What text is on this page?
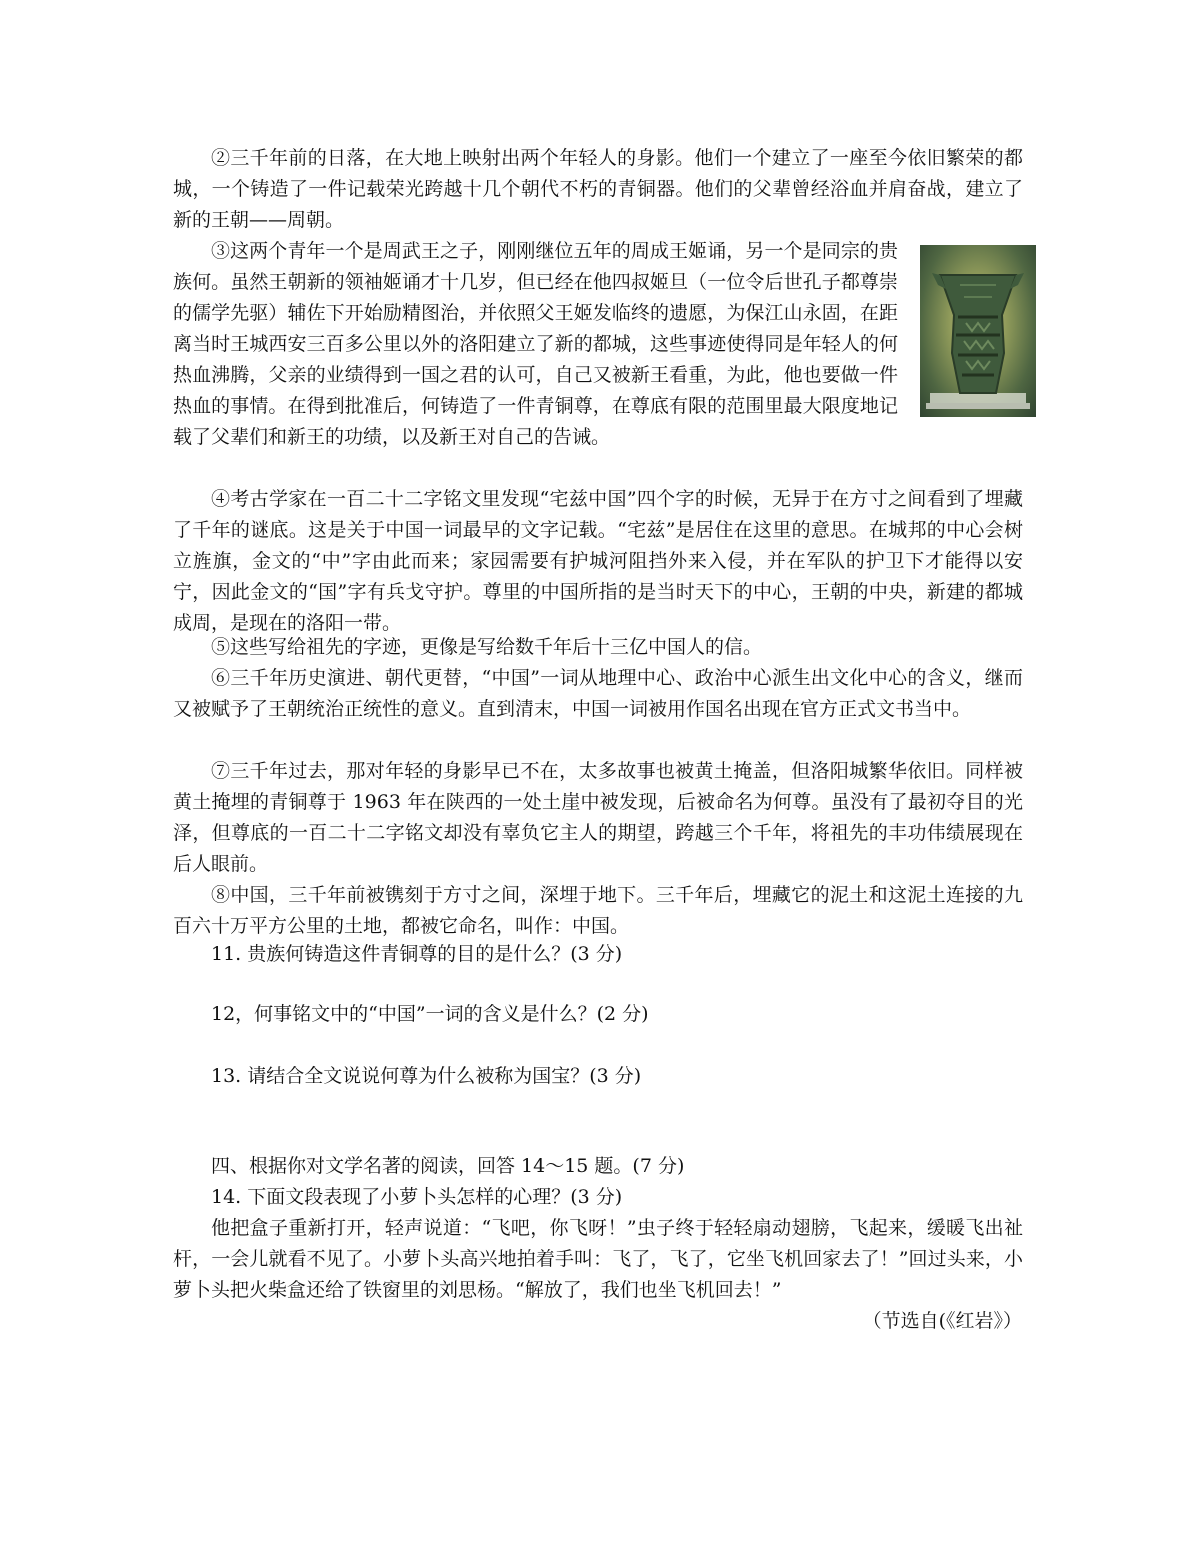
②三千年前的日落，在大地上映射出两个年轻人的身影。他们一个建立了一座至今依旧繁荣的都城，一个铸造了一件记载荣光跨越十几个朝代不朽的青铜器。他们的父辈曾经浴血并肩奋战，建立了新的王朝——周朝。

③这两个青年一个是周武王之子，刚刚继位五年的周成王姬诵，另一个是同宗的贵族何。虽然王朝新的领袖姬诵才十几岁，但已经在他四叔姬旦（一位令后世孔子都尊崇的儒学先驱）辅佐下开始励精图治，并依照父王姬发临终的遗愿，为保江山永固，在距离当时王城西安三百多公里以外的洛阳建立了新的都城，这些事迹使得同是年轻人的何热血沸腾，父亲的业绩得到一国之君的认可，自己又被新王看重，为此，他也要做一件热血的事情。在得到批准后，何铸造了一件青铜尊，在尊底有限的范围里最大限度地记载了父辈们和新王的功绩，以及新王对自己的告诫。

④考古学家在一百二十二字铭文里发现“宅兹中国”四个字的时候，无异于在方寸之间看到了埋藏了千年的谜底。这是关于中国一词最早的文字记载。“宅兹”是居住在这里的意思。在城邦的中心会树立旌旗，金文的“中”字由此而来；家园需要有护城河阻挡外来入侵，并在军队的护卫下才能得以安宁，因此金文的“国”字有兵戈守护。尊里的中国所指的是当时天下的中心，王朝的中央，新建的都城成周，是现在的洛阳一带。

⑤这些写给祖先的字迹，更像是写给数千年后十三亿中国人的信。

⑥三千年历史演进、朝代更替，“中国”一词从地理中心、政治中心派生出文化中心的含义，继而又被赋予了王朝统治正统性的意义。直到清末，中国一词被用作国名出现在官方正式文书当中。

⑦三千年过去，那对年轻的身影早已不在，太多故事也被黄土掩盖，但洛阳城繁华依旧。同样被黄土掩埋的青铜尊于 1963 年在陕西的一处土崖中被发现，后被命名为何尊。虽没有了最初夺目的光泽，但尊底的一百二十二字铭文却没有辜负它主人的期望，跨越三个千年，将祖先的丰功伟绩展现在后人眼前。

⑧中国，三千年前被镌刻于方寸之间，深埋于地下。三千年后，埋藏它的泥土和这泥土连接的九百六十万平方公里的土地，都被它命名，叫作：中国。

11. 贵族何铸造这件青铜尊的目的是什么？(3 分)

12，何事铭文中的“中国”一词的含义是什么？(2 分)

13. 请结合全文说说何尊为什么被称为国宝？(3 分)

四、根据你对文学名著的阅读，回答 14～15 题。(7 分)

14. 下面文段表现了小萝卜头怎样的心理？(3 分)

他把盒子重新打开，轻声说道：“飞吧，你飞呀！”虫子终于轻轻扇动翅膀，飞起来，缓暖飞出祉杆，一会儿就看不见了。小萝卜头高兴地拍着手叫：飞了，飞了，它坐飞机回家去了！”回过头来，小萝卜头把火柴盒还给了铁窗里的刘思杨。“解放了，我们也坐飞机回去！”

（节选自(《红岩》）
